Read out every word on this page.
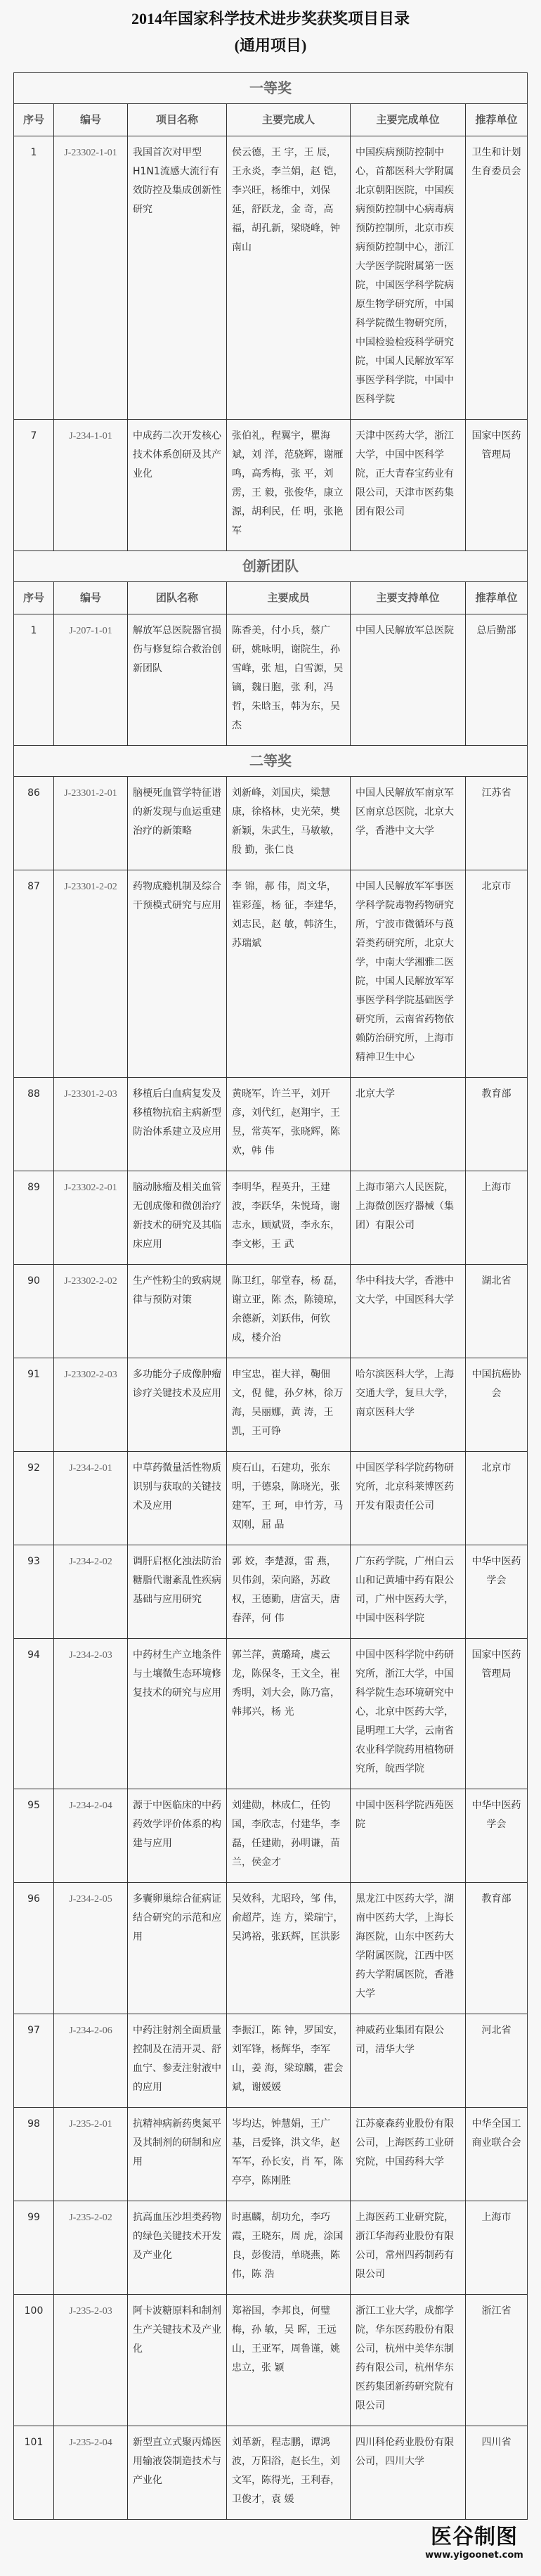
2014年国家科学技术进步奖获奖项目目录
(通用项目)
一等奖					
序号	编号	项目名称	主要完成人	主要完成单位	推荐单位
1	J-23302-1-01	我国首次对甲型H1N1流感大流行有效防控及集成创新性研究	侯云德，王 宇，王 辰，王永炎，李兰娟，赵 铠，李兴旺，杨维中，刘保延，舒跃龙，金 奇，高 福，胡孔新，梁晓峰，钟南山	中国疾病预防控制中心，首都医科大学附属北京朝阳医院，中国疾病预防控制中心病毒病预防控制所，北京市疾病预防控制中心，浙江大学医学院附属第一医院，中国医学科学院病原生物学研究所，中国科学院微生物研究所，中国检验检疫科学研究院，中国人民解放军军事医学科学院，中国中医科学院	卫生和计划生育委员会
7	J-234-1-01	中成药二次开发核心技术体系创研及其产业化	张伯礼，程翼宇，瞿海斌，刘 洋，范骁辉，谢雁鸣，高秀梅，张 平，刘 雳，王 毅，张俊华，康立源，胡利民，任 明，张艳军	天津中医药大学，浙江大学，中国中医科学院，正大青春宝药业有限公司，天津市医药集团有限公司	国家中医药管理局
创新团队					
序号	编号	团队名称	主要成员	主要支持单位	推荐单位
1	J-207-1-01	解放军总医院器官损伤与修复综合救治创新团队	陈香美，付小兵，蔡广研，姚咏明，谢院生，孙雪峰，张 旭，白雪源，吴 镝，魏日胞，张 利，冯 哲，朱晗玉，韩为东，吴 杰	中国人民解放军总医院	总后勤部
二等奖					
86	J-23301-2-01	脑梗死血管学特征谱的新发现与血运重建治疗的新策略	刘新峰，刘国庆，梁慧康，徐格林，史光荣，樊新颖，朱武生，马敏敏，殷 勤，张仁良	中国人民解放军南京军区南京总医院，北京大学，香港中文大学	江苏省
87	J-23301-2-02	药物成瘾机制及综合干预模式研究与应用	李 锦，郝 伟，周文华，崔彩莲，杨 征，李建华，刘志民，赵 敏，韩济生，苏瑞斌	中国人民解放军军事医学科学院毒物药物研究所，宁波市微循环与莨菪类药研究所，北京大学，中南大学湘雅二医院，中国人民解放军军事医学科学院基础医学研究所，云南省药物依赖防治研究所，上海市精神卫生中心	北京市
88	J-23301-2-03	移植后白血病复发及移植物抗宿主病新型防治体系建立及应用	黄晓军，许兰平，刘开彦，刘代红，赵翔宇，王 昱，常英军，张晓辉，陈 欢，韩 伟	北京大学	教育部
89	J-23302-2-01	脑动脉瘤及相关血管无创成像和微创治疗新技术的研究及其临床应用	李明华，程英升，王建波，李跃华，朱悦琦，谢志永，顾斌贤，李永东，李文彬，王 武	上海市第六人民医院，上海微创医疗器械（集团）有限公司	上海市
90	J-23302-2-02	生产性粉尘的致病规律与预防对策	陈卫红，邬堂春，杨 磊，谢立亚，陈 杰，陈镜琼，余德新，刘跃伟，何钦成，楼介治	华中科技大学，香港中文大学，中国医科大学	湖北省
91	J-23302-2-03	多功能分子成像肿瘤诊疗关键技术及应用	申宝忠，崔大祥，鞠佃文，倪 健，孙夕林，徐万海，吴丽娜，黄 涛，王 凯，王可铮	哈尔滨医科大学，上海交通大学，复旦大学，南京医科大学	中国抗癌协会
92	J-234-2-01	中草药微量活性物质识别与获取的关键技术及应用	庾石山，石建功，张东明，于德泉，陈晓光，张建军，王 珂，申竹芳，马双刚，屈 晶	中国医学科学院药物研究所，北京科莱博医药开发有限责任公司	北京市
93	J-234-2-02	调肝启枢化浊法防治糖脂代谢紊乱性疾病基础与应用研究	郭 姣，李楚源，雷 燕，贝伟剑，荣向路，苏政权，王德勤，唐富天，唐春萍，何 伟	广东药学院，广州白云山和记黄埔中药有限公司，广州中医药大学，中国中医科学院	中华中医药学会
94	J-234-2-03	中药材生产立地条件与土壤微生态环境修复技术的研究与应用	郭兰萍，黄璐琦，虞云龙，陈保冬，王文全，崔秀明，刘大会，陈乃富，韩邦兴，杨 光	中国中医科学院中药研究所，浙江大学，中国科学院生态环境研究中心，北京中医药大学，昆明理工大学，云南省农业科学院药用植物研究所，皖西学院	国家中医药管理局
95	J-234-2-04	源于中医临床的中药药效学评价体系的构建与应用	刘建勋，林成仁，任钧国，李欣志，付建华，李 磊，任建勋，孙明谦，苗 兰，侯金才	中国中医科学院西苑医院	中华中医药学会
96	J-234-2-05	多囊卵巢综合征病证结合研究的示范和应用	吴效科，尤昭玲，邹 伟，俞超芹，连 方，梁瑞宁，吴鸿裕，张跃辉，匡洪影	黑龙江中医药大学，湖南中医药大学，上海长海医院，山东中医药大学附属医院，江西中医药大学附属医院，香港大学	教育部
97	J-234-2-06	中药注射剂全面质量控制及在清开灵、舒血宁、参麦注射液中的应用	李振江，陈 钟，罗国安，刘军锋，杨辉华，李军山，姜 海，梁琼麟，霍会斌，谢媛媛	神威药业集团有限公司，清华大学	河北省
98	J-235-2-01	抗精神病新药奥氮平及其制剂的研制和应用	岑均达，钟慧娟，王广基，吕爱锋，洪文华，赵军军，孙长安，肖 军，陈亭亭，陈刚胜	江苏豪森药业股份有限公司，上海医药工业研究院，中国药科大学	中华全国工商业联合会
99	J-235-2-02	抗高血压沙坦类药物的绿色关键技术开发及产业化	时惠麟，胡功允，李巧霞，王晓东，周 虎，涂国良，彭俊清，单晓燕，陈 伟，陈 浩	上海医药工业研究院，浙江华海药业股份有限公司，常州四药制药有限公司	上海市
100	J-235-2-03	阿卡波糖原料和制剂生产关键技术及产业化	郑裕国，李邦良，何璧梅，孙 敏，吴 晖，王远山，王亚军，周鲁谨，姚忠立，张 颖	浙江工业大学，成都学院，华东医药股份有限公司，杭州中美华东制药有限公司，杭州华东医药集团新药研究院有限公司	浙江省
101	J-235-2-04	新型直立式聚丙烯医用输液袋制造技术与产业化	刘革新，程志鹏，谭鸿波，万阳浴，赵长生，刘文军，陈得光，王利春，卫俊才，袁 媛	四川科伦药业股份有限公司，四川大学	四川省
医谷制图
www.yigoonet.com
